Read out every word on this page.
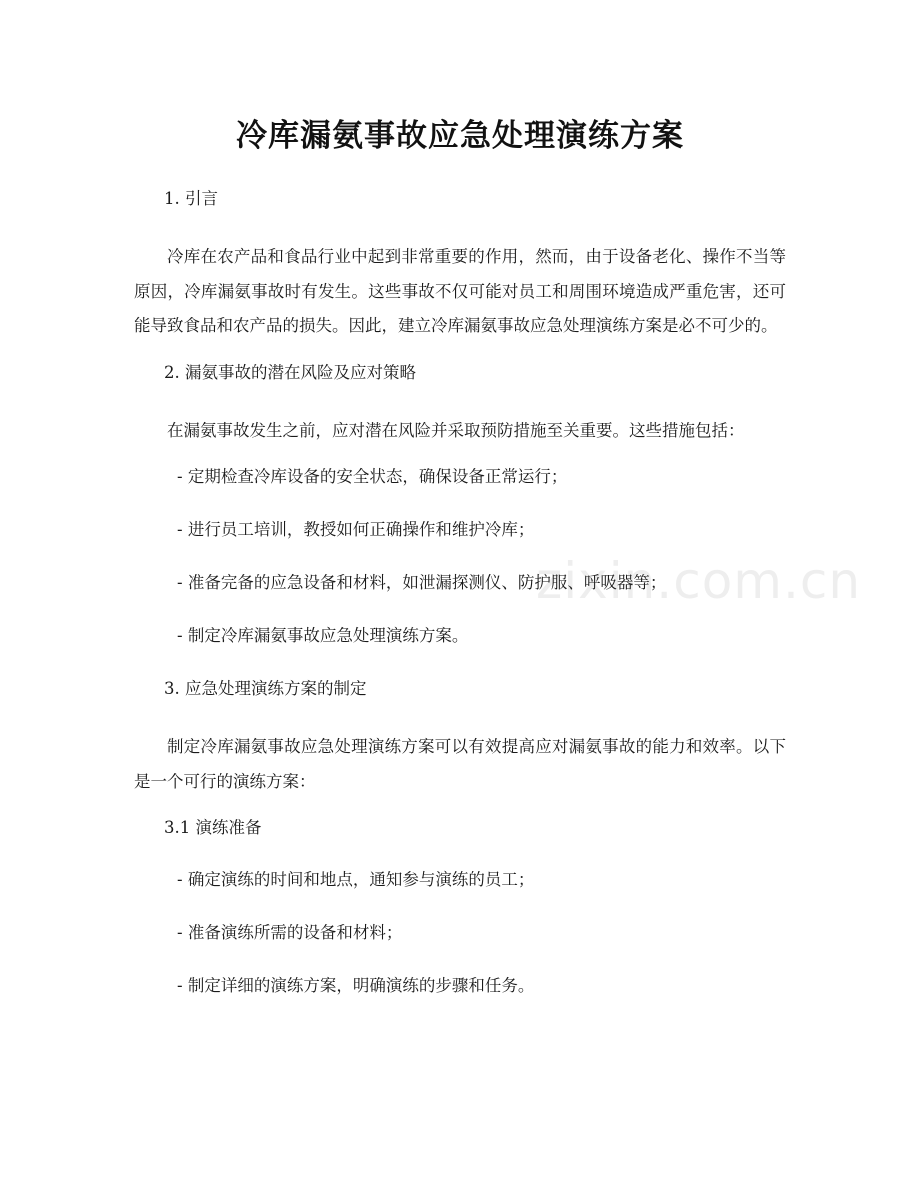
冷库漏氨事故应急处理演练方案
1. 引言

冷库在农产品和食品行业中起到非常重要的作用，然而，由于设备老化、操作不当等原因，冷库漏氨事故时有发生。这些事故不仅可能对员工和周围环境造成严重危害，还可能导致食品和农产品的损失。因此，建立冷库漏氨事故应急处理演练方案是必不可少的。

2. 漏氨事故的潜在风险及应对策略

在漏氨事故发生之前，应对潜在风险并采取预防措施至关重要。这些措施包括：

- 定期检查冷库设备的安全状态，确保设备正常运行；
- 进行员工培训，教授如何正确操作和维护冷库；
- 准备完备的应急设备和材料，如泄漏探测仪、防护服、呼吸器等；
- 制定冷库漏氨事故应急处理演练方案。
3. 应急处理演练方案的制定

制定冷库漏氨事故应急处理演练方案可以有效提高应对漏氨事故的能力和效率。以下是一个可行的演练方案：

3.1 演练准备
- 确定演练的时间和地点，通知参与演练的员工；
- 准备演练所需的设备和材料；
- 制定详细的演练方案，明确演练的步骤和任务。
zixin.com.cn
